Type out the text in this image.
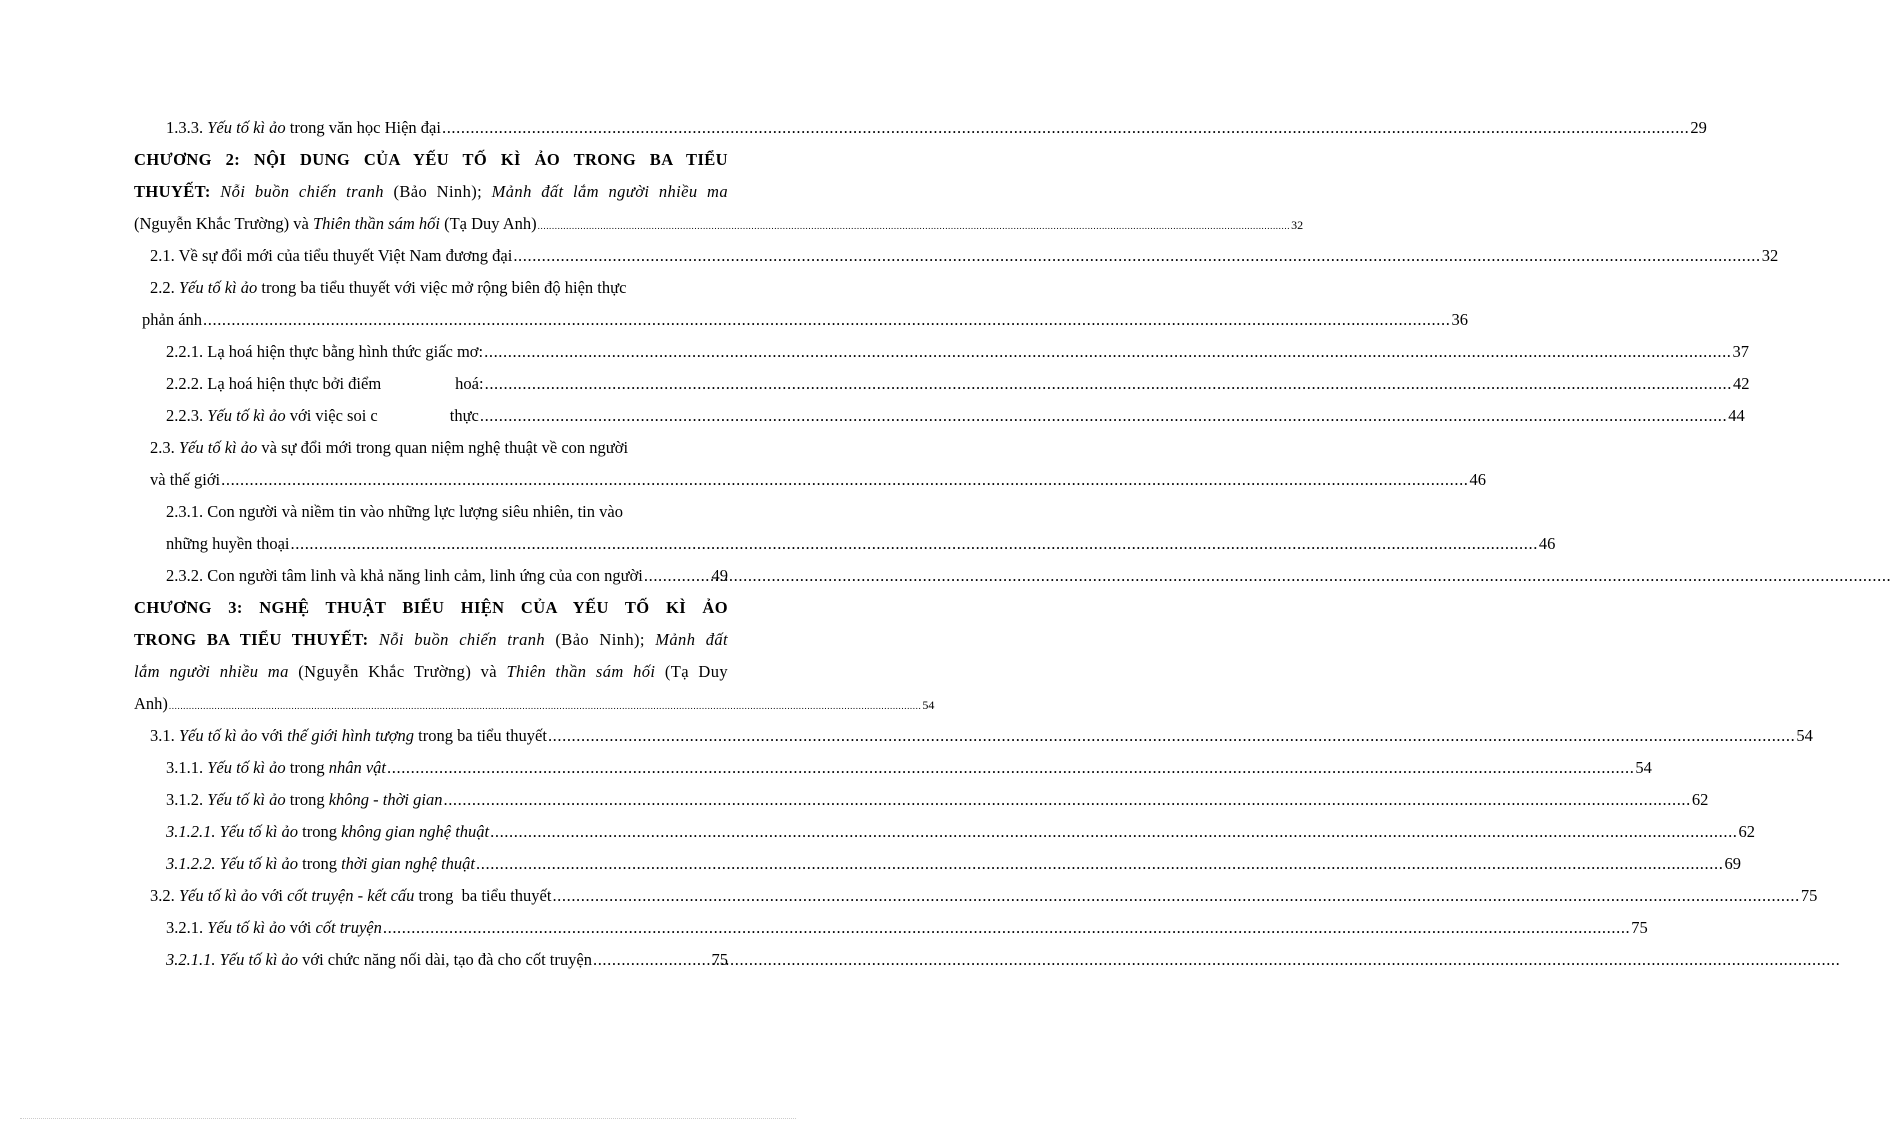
1.3.3. Yếu tố kì ảo trong văn học Hiện đại .....	29
CHƯƠNG 2: NỘI DUNG CỦA YẾU TỐ KÌ ẢO TRONG BA TIỂU
THUYẾT: Nỗi buồn chiến tranh (Bảo Ninh); Mảnh đất lắm người nhiều ma
(Nguyễn Khắc Trường) và Thiên thần sám hối (Tạ Duy Anh) .....	32
2.1. Về sự đổi mới của tiểu thuyết Việt Nam đương đại .....	32
2.2. Yếu tố kì ảo trong ba tiểu thuyết với việc mở rộng biên độ hiện thực
phản ánh .....	36
2.2.1. Lạ hoá hiện thực bằng hình thức giấc mơ: .....	37
2.2.2. Lạ hoá hiện thực bởi điểm	hoá: .....	42
2.2.3. Yếu tố kì ảo với việc soi c	thực .....	44
2.3. Yếu tố kì ảo và sự đổi mới trong quan niệm nghệ thuật về con người
và thế giới .....	46
2.3.1. Con người và niềm tin vào những lực lượng siêu nhiên, tin vào
những huyền thoại .....	46
2.3.2. Con người tâm linh và khả năng linh cảm, linh ứng của con người .....	49
CHƯƠNG 3: NGHỆ THUẬT BIỂU HIỆN CỦA YẾU TỐ KÌ ẢO
TRONG BA TIỂU THUYẾT: Nỗi buồn chiến tranh (Bảo Ninh); Mảnh đất
lắm người nhiều ma (Nguyễn Khắc Trường) và Thiên thần sám hối (Tạ Duy
Anh) .....	54
3.1. Yếu tố kì ảo với thế giới hình tượng trong ba tiểu thuyết .....	54
3.1.1. Yếu tố kì ảo trong nhân vật .....	54
3.1.2. Yếu tố kì ảo trong không - thời gian .....	62
3.1.2.1. Yếu tố kì ảo trong không gian nghệ thuật .....	62
3.1.2.2. Yếu tố kì ảo trong thời gian nghệ thuật .....	69
3.2. Yếu tố kì ảo với cốt truyện - kết cấu trong  ba tiểu thuyết .....	75
3.2.1. Yếu tố kì ảo với cốt truyện .....	75
3.2.1.1. Yếu tố kì ảo với chức năng nối dài, tạo đà cho cốt truyện .....	75
